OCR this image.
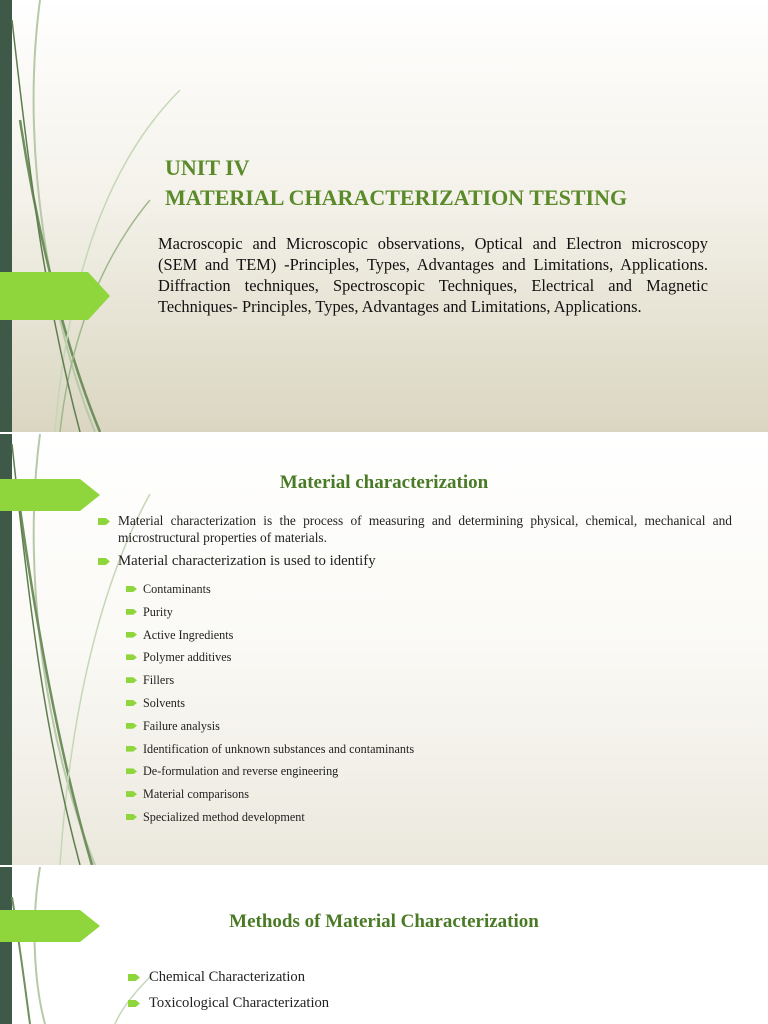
UNIT IV
MATERIAL CHARACTERIZATION TESTING

Macroscopic and Microscopic observations, Optical and Electron microscopy (SEM and TEM) -Principles, Types, Advantages and Limitations, Applications. Diffraction techniques, Spectroscopic Techniques, Electrical and Magnetic Techniques- Principles, Types, Advantages and Limitations, Applications.

Material characterization
Material characterization is the process of measuring and determining physical, chemical, mechanical and microstructural properties of materials.
Material characterization is used to identify
Contaminants
Purity
Active Ingredients
Polymer additives
Fillers
Solvents
Failure analysis
Identification of unknown substances and contaminants
De-formulation and reverse engineering
Material comparisons
Specialized method development
Methods of Material Characterization
Chemical Characterization
Toxicological Characterization
